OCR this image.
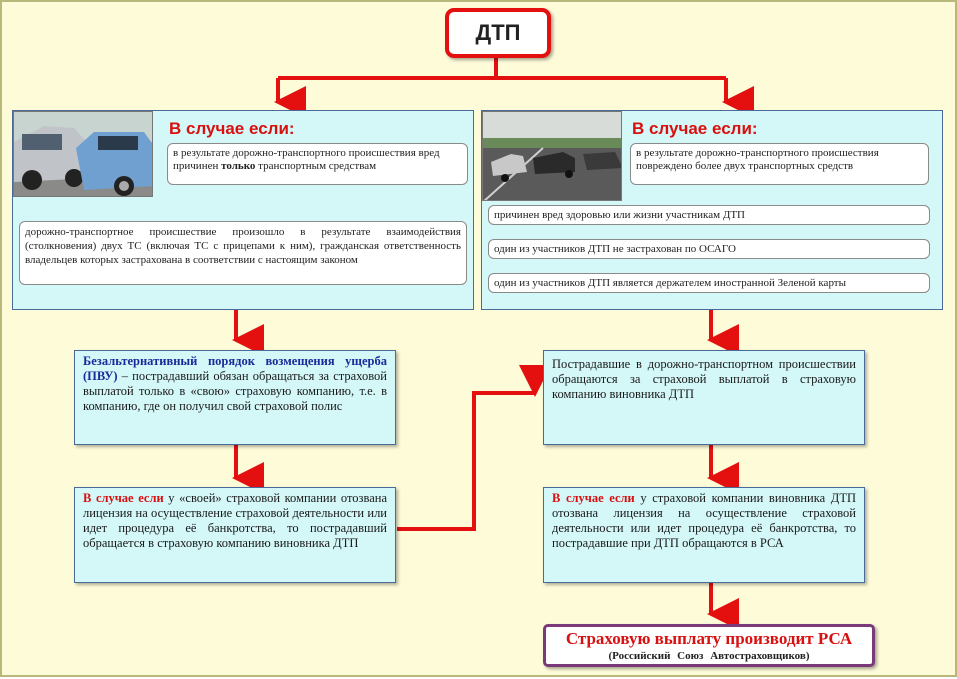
ДТП
В случае если:
в результате дорожно-транспортного происшествия вред причинен только транспортным средствам
дорожно-транспортное происшествие произошло в результате взаимодействия (столкновения) двух ТС (включая ТС с прицепами к ним), гражданская ответственность владельцев которых застрахована в соответствии с настоящим законом
В случае если:
в результате дорожно-транспортного происшествия повреждено более двух транспортных средств
причинен вред здоровью или жизни участникам ДТП
один из участников ДТП не застрахован по ОСАГО
один из участников ДТП является держателем иностранной Зеленой карты
Безальтернативный порядок возмещения ущерба (ПВУ) – пострадавший обязан обращаться за страховой выплатой только в «свою» страховую компанию, т.е. в компанию, где он получил свой страховой полис
В случае если у «своей» страховой компании отозвана лицензия на осуществление страховой деятельности или идет процедура её банкротства, то пострадавший обращается в страховую компанию виновника ДТП
Пострадавшие в дорожно-транспортном происшествии обращаются за страховой выплатой в страховую компанию виновника ДТП
В случае если у страховой компании виновника ДТП отозвана лицензия на осуществление страховой деятельности или идет процедура её банкротства, то пострадавшие при ДТП обращаются в РСА
Страховую выплату производит РСА
(Российский Союз Автостраховщиков)
